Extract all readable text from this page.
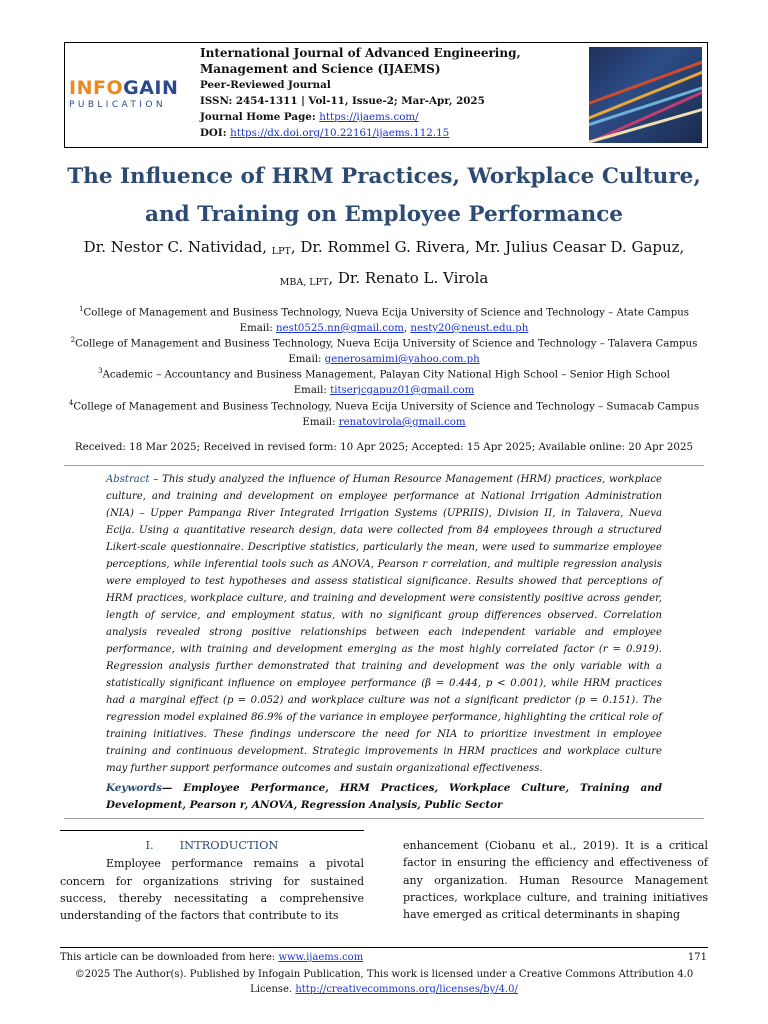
INFOGAIN
PUBLICATION
International Journal of Advanced Engineering, Management and Science (IJAEMS)
Peer-Reviewed Journal
ISSN: 2454-1311 | Vol-11, Issue-2; Mar-Apr, 2025
Journal Home Page: https://ijaems.com/
DOI: https://dx.doi.org/10.22161/ijaems.112.15
The Influence of HRM Practices, Workplace Culture,
and Training on Employee Performance
Dr. Nestor C. Natividad, $_{LPT}$, Dr. Rommel G. Rivera, Mr. Julius Ceasar D. Gapuz,
$_{MBA, LPT}$, Dr. Renato L. Virola
$^1$College of Management and Business Technology, Nueva Ecija University of Science and Technology – Atate Campus
Email: nest0525.nn@gmail.com, nesty20@neust.edu.ph
$^2$College of Management and Business Technology, Nueva Ecija University of Science and Technology – Talavera Campus
Email: generosamimi@yahoo.com.ph
$^3$Academic – Accountancy and Business Management, Palayan City National High School – Senior High School
Email: titserjcgapuz01@gmail.com
$^4$College of Management and Business Technology, Nueva Ecija University of Science and Technology – Sumacab Campus
Email: renatovirola@gmail.com
Received: 18 Mar 2025; Received in revised form: 10 Apr 2025; Accepted: 15 Apr 2025; Available online: 20 Apr 2025
Abstract – This study analyzed the influence of Human Resource Management (HRM) practices, workplace culture, and training and development on employee performance at National Irrigation Administration (NIA) – Upper Pampanga River Integrated Irrigation Systems (UPRIIS), Division II, in Talavera, Nueva Ecija. Using a quantitative research design, data were collected from 84 employees through a structured Likert-scale questionnaire. Descriptive statistics, particularly the mean, were used to summarize employee perceptions, while inferential tools such as ANOVA, Pearson r correlation, and multiple regression analysis were employed to test hypotheses and assess statistical significance. Results showed that perceptions of HRM practices, workplace culture, and training and development were consistently positive across gender, length of service, and employment status, with no significant group differences observed. Correlation analysis revealed strong positive relationships between each independent variable and employee performance, with training and development emerging as the most highly correlated factor (r = 0.919). Regression analysis further demonstrated that training and development was the only variable with a statistically significant influence on employee performance (β = 0.444, p < 0.001), while HRM practices had a marginal effect (p = 0.052) and workplace culture was not a significant predictor (p = 0.151). The regression model explained 86.9% of the variance in employee performance, highlighting the critical role of training initiatives. These findings underscore the need for NIA to prioritize investment in employee training and continuous development. Strategic improvements in HRM practices and workplace culture may further support performance outcomes and sustain organizational effectiveness.
Keywords— Employee Performance, HRM Practices, Workplace Culture, Training and Development, Pearson r, ANOVA, Regression Analysis, Public Sector
I. INTRODUCTION

Employee performance remains a pivotal concern for organizations striving for sustained success, thereby necessitating a comprehensive understanding of the factors that contribute to its

enhancement (Ciobanu et al., 2019). It is a critical factor in ensuring the efficiency and effectiveness of any organization. Human Resource Management practices, workplace culture, and training initiatives have emerged as critical determinants in shaping

This article can be downloaded from here: www.ijaems.com	171
©2025 The Author(s). Published by Infogain Publication, This work is licensed under a Creative Commons Attribution 4.0
License. http://creativecommons.org/licenses/by/4.0/
